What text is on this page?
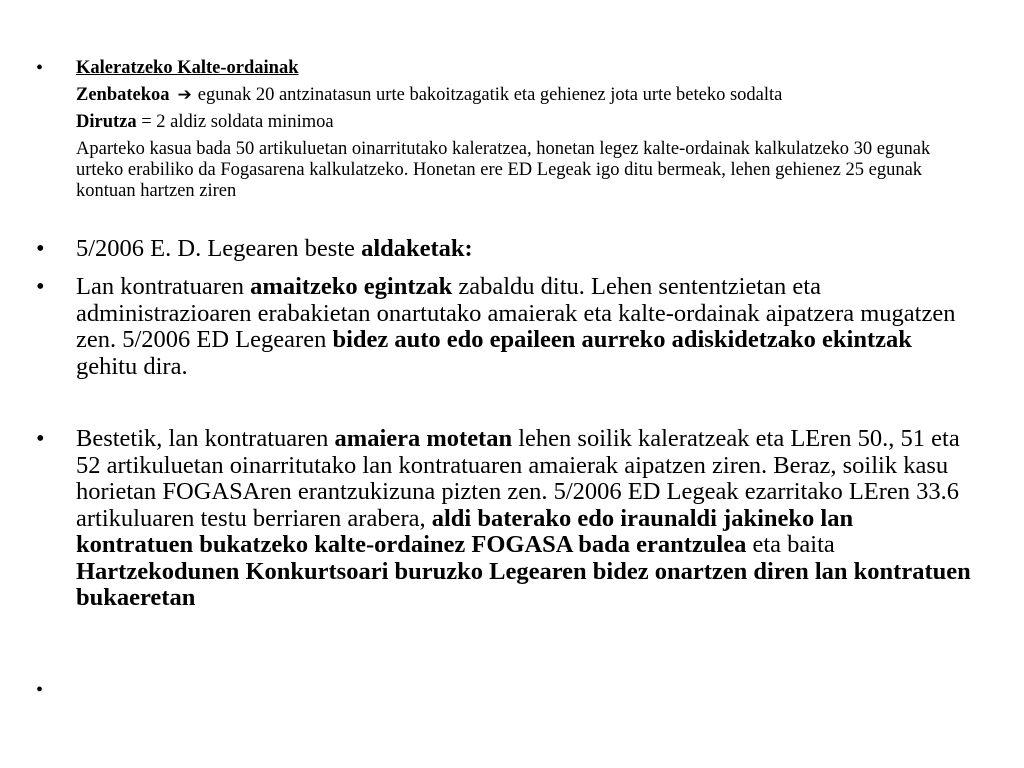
• Kaleratzeko Kalte-ordainak

Zenbatekoa ➔ egunak 20 antzinatasun urte bakoitzagatik eta gehienez jota urte beteko sodalta

Dirutza = 2 aldiz soldata minimoa

Aparteko kasua bada 50 artikuluetan oinarritutako kaleratzea, honetan legez kalte-ordainak kalkulatzeko 30 egunak urteko erabiliko da Fogasarena kalkulatzeko. Honetan ere ED Legeak igo ditu bermeak, lehen gehienez 25 egunak kontuan hartzen ziren

• 5/2006 E. D. Legearen beste aldaketak:
• Lan kontratuaren amaitzeko egintzak zabaldu ditu. Lehen sententzietan eta administrazioaren erabakietan onartutako amaierak eta kalte-ordainak aipatzera mugatzen zen. 5/2006 ED Legearen bidez auto edo epaileen aurreko adiskidetzako ekintzak gehitu dira.
• Bestetik, lan kontratuaren amaiera motetan lehen soilik kaleratzeak eta LEren 50., 51 eta 52 artikuluetan oinarritutako lan kontratuaren amaierak aipatzen ziren. Beraz, soilik kasu horietan FOGASAren erantzukizuna pizten zen. 5/2006 ED Legeak ezarritako LEren 33.6 artikuluaren testu berriaren arabera, aldi baterako edo iraunaldi jakineko lan kontratuen bukatzeko kalte-ordainez FOGASA bada erantzulea eta baita Hartzekodunen Konkurtsoari buruzko Legearen bidez onartzen diren lan kontratuen bukaeretan
•
